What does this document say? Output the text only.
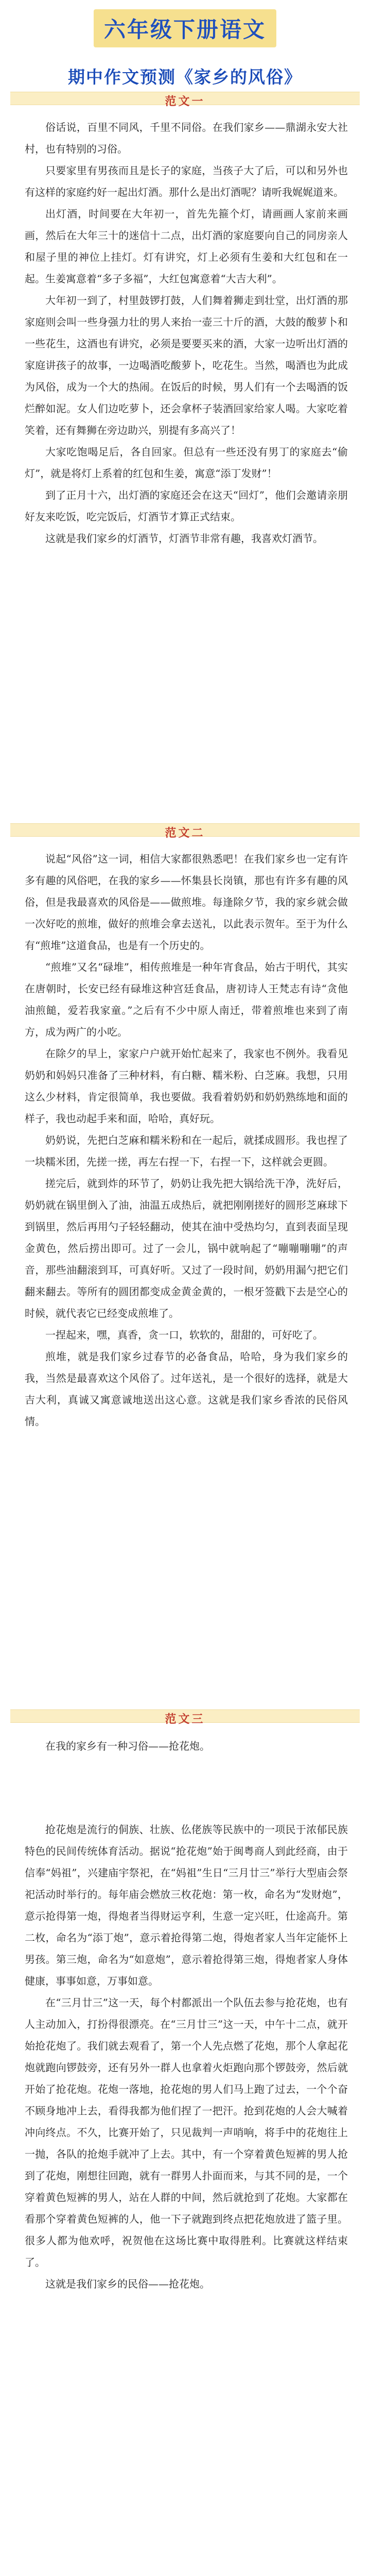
六年级下册语文
期中作文预测《家乡的风俗》
范文一

俗话说，百里不同风，千里不同俗。在我们家乡——鼎湖永安大社村，也有特别的习俗。

只要家里有男孩而且是长子的家庭，当孩子大了后，可以和另外也有这样的家庭约好一起出灯酒。那什么是出灯酒呢？请听我娓娓道来。

出灯酒，时间要在大年初一，首先先箍个灯，请画画人家前来画画，然后在大年三十的迷信十二点，出灯酒的家庭要向自己的同房亲人和屋子里的神位上挂灯。灯有讲究，灯上必须有生姜和大红包和在一起。生姜寓意着“多子多福”，大红包寓意着“大吉大利”。

大年初一到了，村里鼓锣打鼓，人们舞着狮走到壮堂，出灯酒的那家庭则会叫一些身强力壮的男人来抬一壶三十斤的酒，大鼓的酸萝卜和一些花生，这酒也有讲究，必须是要要买来的酒，大家一边听出灯酒的家庭讲孩子的故事，一边喝酒吃酸萝卜，吃花生。当然，喝酒也为此成为风俗，成为一个大的热闹。在饭后的时候，男人们有一个去喝酒的饭烂醉如泥。女人们边吃萝卜，还会拿杯子装酒回家给家人喝。大家吃着笑着，还有舞狮在旁边助兴，别提有多高兴了！

大家吃饱喝足后，各自回家。但总有一些还没有男丁的家庭去“偷灯”，就是将灯上系着的红包和生姜，寓意“添丁发财”！

到了正月十六，出灯酒的家庭还会在这天“回灯”，他们会邀请亲朋好友来吃饭，吃完饭后，灯酒节才算正式结束。

这就是我们家乡的灯酒节，灯酒节非常有趣，我喜欢灯酒节。

范文二

说起“风俗”这一词，相信大家都很熟悉吧！在我们家乡也一定有许多有趣的风俗吧，在我的家乡——怀集县长岗镇，那也有许多有趣的风俗，但是我最喜欢的风俗是——做煎堆。每逢除夕节，我的家乡就会做一次好吃的煎堆，做好的煎堆会拿去送礼，以此表示贺年。至于为什么有“煎堆”这道食品，也是有一个历史的。

“煎堆”又名“碌堆”，相传煎堆是一种年宵食品，始古于明代，其实在唐朝时，长安已经有碌堆这种宫廷食品，唐初诗人王梵志有诗“贪他油煎䭔，爱若我家童。”之后有不少中原人南迁，带着煎堆也来到了南方，成为两广的小吃。

在除夕的早上，家家户户就开始忙起来了，我家也不例外。我看见奶奶和妈妈只准备了三种材料，有白糖、糯米粉、白芝麻。我想，只用这么少材料，肯定很简单，我也要做。我看着奶奶和奶奶熟练地和面的样子，我也动起手来和面，哈哈，真好玩。

奶奶说，先把白芝麻和糯米粉和在一起后，就揉成圆形。我也捏了一块糯米团，先搓一搓，再左右捏一下，右捏一下，这样就会更圆。

搓完后，就到炸的环节了，奶奶让我先把大锅给洗干净，洗好后，奶奶就在锅里倒入了油，油温五成热后，就把刚刚搓好的圆形芝麻球下到锅里，然后再用勺子轻轻翻动，使其在油中受热均匀，直到表面呈现金黄色，然后捞出即可。过了一会儿，锅中就响起了“嘣嘣嘣嘣”的声音，那些油翻滚到耳，可真好听。又过了一段时间，奶奶用漏勺把它们翻来翻去。等所有的圆团都变成金黄金黄的，一根牙签戳下去是空心的时候，就代表它已经变成煎堆了。

一捏起来，嘿，真香，贪一口，软软的，甜甜的，可好吃了。

煎堆，就是我们家乡过春节的必备食品，哈哈，身为我们家乡的我，当然是最喜欢这个风俗了。过年送礼，是一个很好的选择，就是大吉大利，真诚又寓意诚地送出这心意。这就是我们家乡香浓的民俗风情。

范文三

在我的家乡有一种习俗——抢花炮。

抢花炮是流行的侗族、壮族、仫佬族等民族中的一项民于浓郁民族特色的民间传统体育活动。据说“抢花炮”始于闽粤商人到此经商，由于信奉“妈祖”，兴建庙宇祭祀，在“妈祖”生日“三月廿三”举行大型庙会祭祀活动时举行的。每年庙会燃放三枚花炮：第一枚，命名为“发财炮”，意示抢得第一炮，得炮者当得财运亨利，生意一定兴旺，仕途高升。第二枚，命名为“添丁炮”，意示着抢得第二炮，得炮者家人当年定能怀上男孩。第三炮，命名为“如意炮”，意示着抢得第三炮，得炮者家人身体健康，事事如意，万事如意。

在“三月廿三”这一天，每个村都派出一个队伍去参与抢花炮，也有人主动加入，打扮得很漂亮。在“三月廿三”这一天，中午十二点，就开始抢花炮了。我们就去观看了，第一个人先点燃了花炮，那个人拿起花炮就跑向锣鼓旁，还有另外一群人也拿着火炬跑向那个锣鼓旁，然后就开始了抢花炮。花炮一落地，抢花炮的男人们马上跑了过去，一个个奋不顾身地冲上去，看得我都为他们捏了一把汗。抢到花炮的人会大喊着冲向终点。不久，比赛开始了，只见裁判一声哨响，将手中的花炮往上一抛，各队的抢炮手就冲了上去。其中，有一个穿着黄色短裤的男人抢到了花炮，刚想往回跑，就有一群男人扑面而来，与其不同的是，一个穿着黄色短裤的男人，站在人群的中间，然后就抢到了花炮。大家都在看那个穿着黄色短裤的人，他一下子就跑到终点把花炮放进了篮子里。很多人都为他欢呼，祝贺他在这场比赛中取得胜利。比赛就这样结束了。

这就是我们家乡的民俗——抢花炮。
